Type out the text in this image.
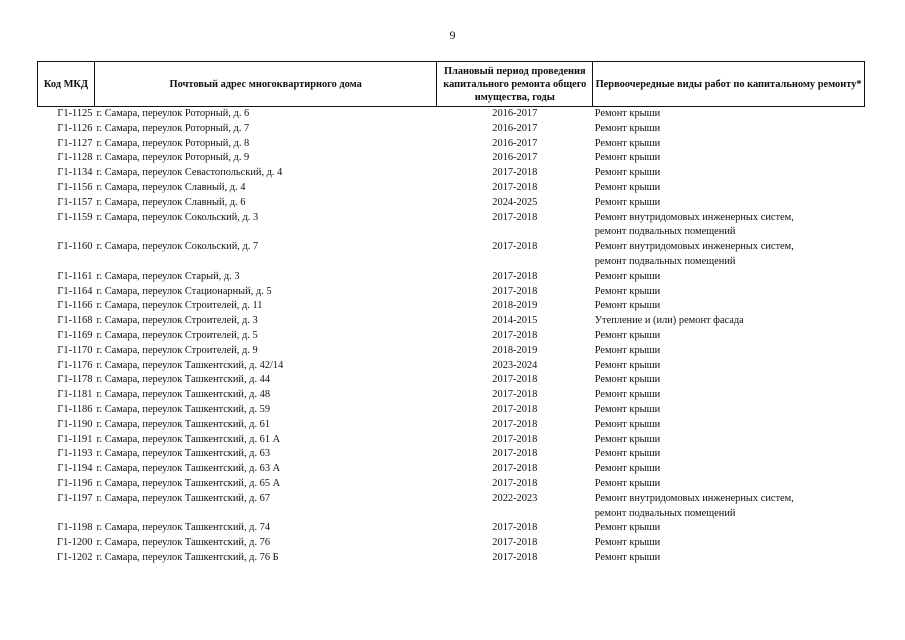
9
Код МКД	Почтовый адрес многоквартирного дома	Плановый период проведения капитального ремонта общего имущества, годы	Первоочередные виды работ по капитальному ремонту*
Г1-1125	г. Самара, переулок Роторный, д. 6	2016-2017	Ремонт крыши

Г1-1126	г. Самара, переулок Роторный, д. 7	2016-2017	Ремонт крыши

Г1-1127	г. Самара, переулок Роторный, д. 8	2016-2017	Ремонт крыши

Г1-1128	г. Самара, переулок Роторный, д. 9	2016-2017	Ремонт крыши

Г1-1134	г. Самара, переулок Севастопольский, д. 4	2017-2018	Ремонт крыши

Г1-1156	г. Самара, переулок Славный, д. 4	2017-2018	Ремонт крыши

Г1-1157	г. Самара, переулок Славный, д. 6	2024-2025	Ремонт крыши

Г1-1159	г. Самара, переулок Сокольский, д. 3	2017-2018	Ремонт внутридомовых инженерных систем,
ремонт подвальных помещений

Г1-1160	г. Самара, переулок Сокольский, д. 7	2017-2018	Ремонт внутридомовых инженерных систем,
ремонт подвальных помещений

Г1-1161	г. Самара, переулок Старый, д. 3	2017-2018	Ремонт крыши

Г1-1164	г. Самара, переулок Стационарный, д. 5	2017-2018	Ремонт крыши

Г1-1166	г. Самара, переулок Строителей, д. 11	2018-2019	Ремонт крыши

Г1-1168	г. Самара, переулок Строителей, д. 3	2014-2015	Утепление и (или) ремонт фасада

Г1-1169	г. Самара, переулок Строителей, д. 5	2017-2018	Ремонт крыши

Г1-1170	г. Самара, переулок Строителей, д. 9	2018-2019	Ремонт крыши

Г1-1176	г. Самара, переулок Ташкентский, д. 42/14	2023-2024	Ремонт крыши

Г1-1178	г. Самара, переулок Ташкентский, д. 44	2017-2018	Ремонт крыши

Г1-1181	г. Самара, переулок Ташкентский, д. 48	2017-2018	Ремонт крыши

Г1-1186	г. Самара, переулок Ташкентский, д. 59	2017-2018	Ремонт крыши

Г1-1190	г. Самара, переулок Ташкентский, д. 61	2017-2018	Ремонт крыши

Г1-1191	г. Самара, переулок Ташкентский, д. 61 А	2017-2018	Ремонт крыши

Г1-1193	г. Самара, переулок Ташкентский, д. 63	2017-2018	Ремонт крыши

Г1-1194	г. Самара, переулок Ташкентский, д. 63 А	2017-2018	Ремонт крыши

Г1-1196	г. Самара, переулок Ташкентский, д. 65 А	2017-2018	Ремонт крыши

Г1-1197	г. Самара, переулок Ташкентский, д. 67	2022-2023	Ремонт внутридомовых инженерных систем,
ремонт подвальных помещений

Г1-1198	г. Самара, переулок Ташкентский, д. 74	2017-2018	Ремонт крыши

Г1-1200	г. Самара, переулок Ташкентский, д. 76	2017-2018	Ремонт крыши

Г1-1202	г. Самара, переулок Ташкентский, д. 76 Б	2017-2018	Ремонт крыши
